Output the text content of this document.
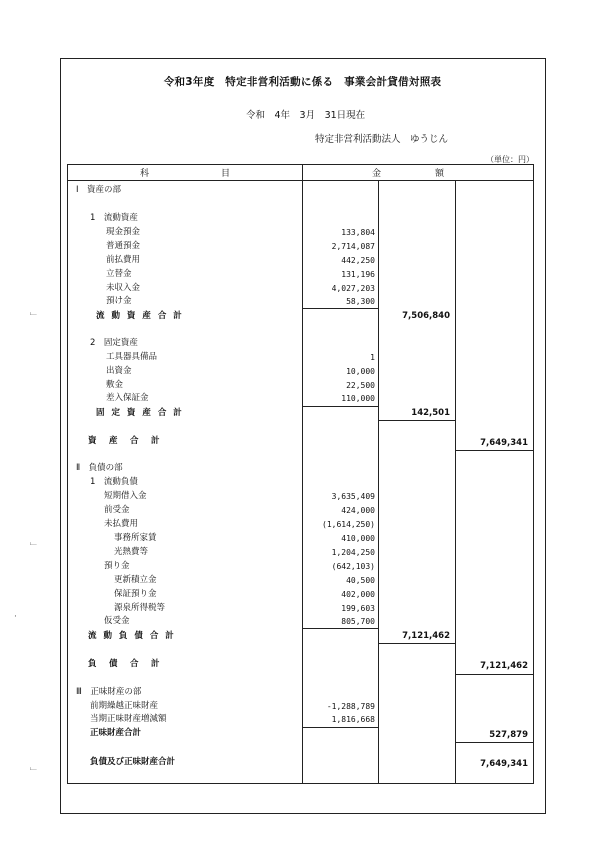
令和3年度　特定非営利活動に係る　事業会計貸借対照表
令和　4年　3月　31日現在
特定非営利活動法人　ゆうじん
（単位：円）
科　　　　　　　　目	金　　　　　　額
Ⅰ　資産の部
1　流動資産
現金預金	133,804
普通預金	2,714,087
前払費用	442,250
立替金	131,196
未収入金	4,027,203
預け金	58,300
流 動 資 産 合 計	7,506,840
2　固定資産
工具器具備品	1
出資金	10,000
敷金	22,500
差入保証金	110,000
固 定 資 産 合 計	142,501
資　産　合　計	7,649,341
Ⅱ　負債の部
1　流動負債
短期借入金	3,635,409
前受金	424,000
未払費用	(1,614,250)
事務所家賃	410,000
光熱費等	1,204,250
預り金	(642,103)
更新積立金	40,500
保証預り金	402,000
源泉所得税等	199,603
仮受金	805,700
流 動 負 債 合 計	7,121,462
負　債　合　計	7,121,462
Ⅲ　正味財産の部
前期繰越正味財産	-1,288,789
当期正味財産増減額	1,816,668
正味財産合計	527,879
負債及び正味財産合計	7,649,341
﹂
﹂
·
﹂
